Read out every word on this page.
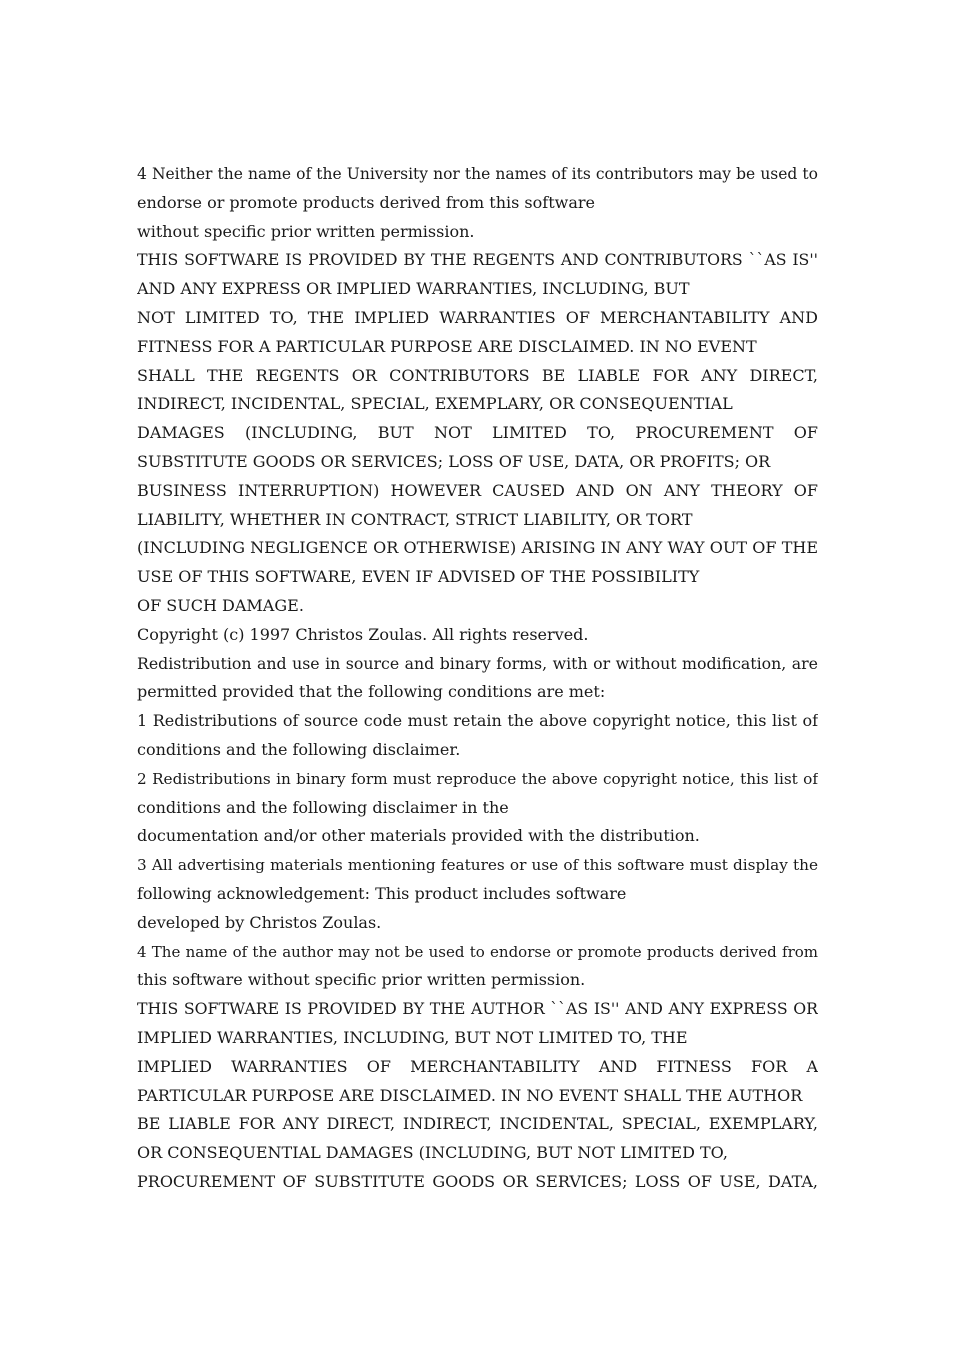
4 Neither the name of the University nor the names of its contributors may be used to
endorse or promote products derived from this software
without specific prior written permission.
THIS SOFTWARE IS PROVIDED BY THE REGENTS AND CONTRIBUTORS ``AS IS''
AND ANY EXPRESS OR IMPLIED WARRANTIES, INCLUDING, BUT
NOT LIMITED TO, THE IMPLIED WARRANTIES OF MERCHANTABILITY AND
FITNESS FOR A PARTICULAR PURPOSE ARE DISCLAIMED. IN NO EVENT
SHALL THE REGENTS OR CONTRIBUTORS BE LIABLE FOR ANY DIRECT,
INDIRECT, INCIDENTAL, SPECIAL, EXEMPLARY, OR CONSEQUENTIAL
DAMAGES (INCLUDING, BUT NOT LIMITED TO, PROCUREMENT OF
SUBSTITUTE GOODS OR SERVICES; LOSS OF USE, DATA, OR PROFITS; OR
BUSINESS INTERRUPTION) HOWEVER CAUSED AND ON ANY THEORY OF
LIABILITY, WHETHER IN CONTRACT, STRICT LIABILITY, OR TORT
(INCLUDING NEGLIGENCE OR OTHERWISE) ARISING IN ANY WAY OUT OF THE
USE OF THIS SOFTWARE, EVEN IF ADVISED OF THE POSSIBILITY
OF SUCH DAMAGE.
Copyright (c) 1997 Christos Zoulas. All rights reserved.
Redistribution and use in source and binary forms, with or without modification, are
permitted provided that the following conditions are met:
1 Redistributions of source code must retain the above copyright notice, this list of
conditions and the following disclaimer.
2 Redistributions in binary form must reproduce the above copyright notice, this list of
conditions and the following disclaimer in the
documentation and/or other materials provided with the distribution.
3 All advertising materials mentioning features or use of this software must display the
following acknowledgement: This product includes software
developed by Christos Zoulas.
4 The name of the author may not be used to endorse or promote products derived from
this software without specific prior written permission.
THIS SOFTWARE IS PROVIDED BY THE AUTHOR ``AS IS'' AND ANY EXPRESS OR
IMPLIED WARRANTIES, INCLUDING, BUT NOT LIMITED TO, THE
IMPLIED WARRANTIES OF MERCHANTABILITY AND FITNESS FOR A
PARTICULAR PURPOSE ARE DISCLAIMED. IN NO EVENT SHALL THE AUTHOR
BE LIABLE FOR ANY DIRECT, INDIRECT, INCIDENTAL, SPECIAL, EXEMPLARY,
OR CONSEQUENTIAL DAMAGES (INCLUDING, BUT NOT LIMITED TO,
PROCUREMENT OF SUBSTITUTE GOODS OR SERVICES; LOSS OF USE, DATA,
